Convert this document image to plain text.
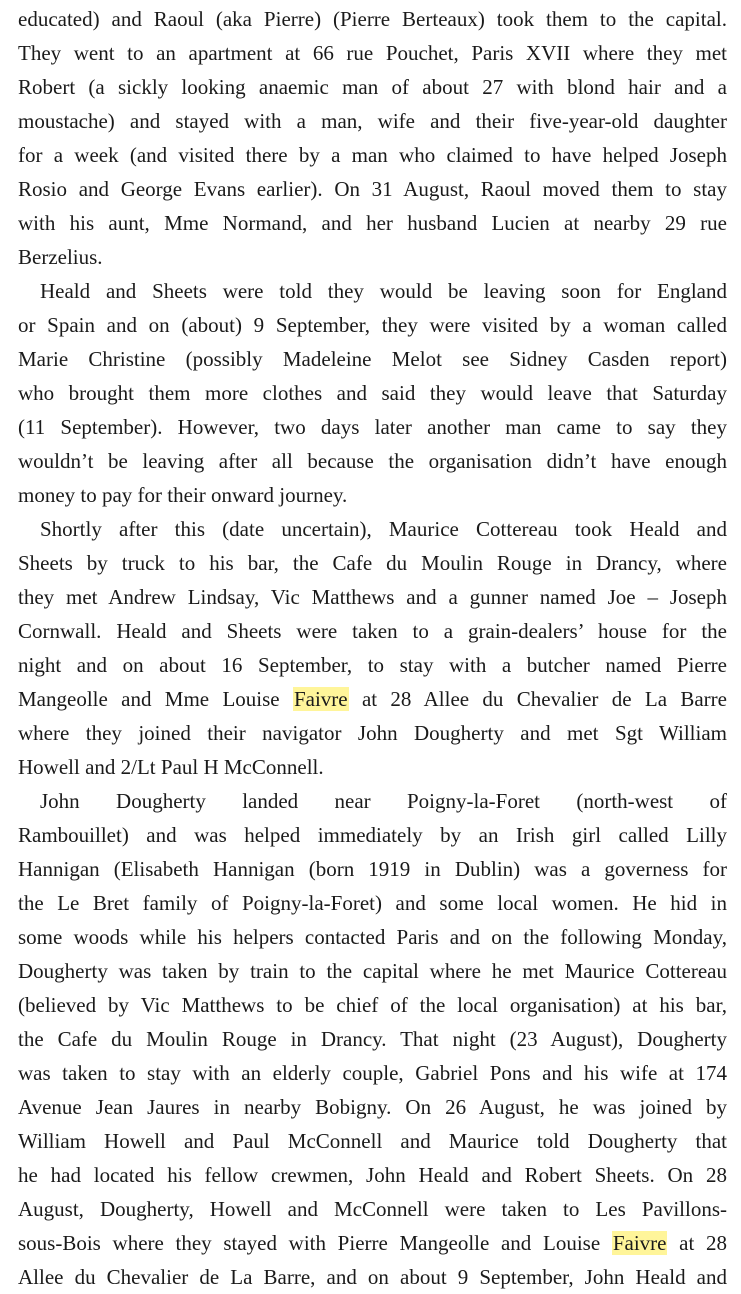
educated) and Raoul (aka Pierre) (Pierre Berteaux) took them to the capital.
They went to an apartment at 66 rue Pouchet, Paris XVII where they met
Robert (a sickly looking anaemic man of about 27 with blond hair and a
moustache) and stayed with a man, wife and their five-year-old daughter
for a week (and visited there by a man who claimed to have helped Joseph
Rosio and George Evans earlier). On 31 August, Raoul moved them to stay
with his aunt, Mme Normand, and her husband Lucien at nearby 29 rue
Berzelius.
Heald and Sheets were told they would be leaving soon for England
or Spain and on (about) 9 September, they were visited by a woman called
Marie Christine (possibly Madeleine Melot see Sidney Casden report)
who brought them more clothes and said they would leave that Saturday
(11 September). However, two days later another man came to say they
wouldn’t be leaving after all because the organisation didn’t have enough
money to pay for their onward journey.
Shortly after this (date uncertain), Maurice Cottereau took Heald and
Sheets by truck to his bar, the Cafe du Moulin Rouge in Drancy, where
they met Andrew Lindsay, Vic Matthews and a gunner named Joe – Joseph
Cornwall. Heald and Sheets were taken to a grain-dealers’ house for the
night and on about 16 September, to stay with a butcher named Pierre
Mangeolle and Mme Louise Faivre at 28 Allee du Chevalier de La Barre
where they joined their navigator John Dougherty and met Sgt William
Howell and 2/Lt Paul H McConnell.
John Dougherty landed near Poigny-la-Foret (north-west of
Rambouillet) and was helped immediately by an Irish girl called Lilly
Hannigan (Elisabeth Hannigan (born 1919 in Dublin) was a governess for
the Le Bret family of Poigny-la-Foret) and some local women. He hid in
some woods while his helpers contacted Paris and on the following Monday,
Dougherty was taken by train to the capital where he met Maurice Cottereau
(believed by Vic Matthews to be chief of the local organisation) at his bar,
the Cafe du Moulin Rouge in Drancy. That night (23 August), Dougherty
was taken to stay with an elderly couple, Gabriel Pons and his wife at 174
Avenue Jean Jaures in nearby Bobigny. On 26 August, he was joined by
William Howell and Paul McConnell and Maurice told Dougherty that
he had located his fellow crewmen, John Heald and Robert Sheets. On 28
August, Dougherty, Howell and McConnell were taken to Les Pavillons-
sous-Bois where they stayed with Pierre Mangeolle and Louise Faivre at 28
Allee du Chevalier de La Barre, and on about 9 September, John Heald and
